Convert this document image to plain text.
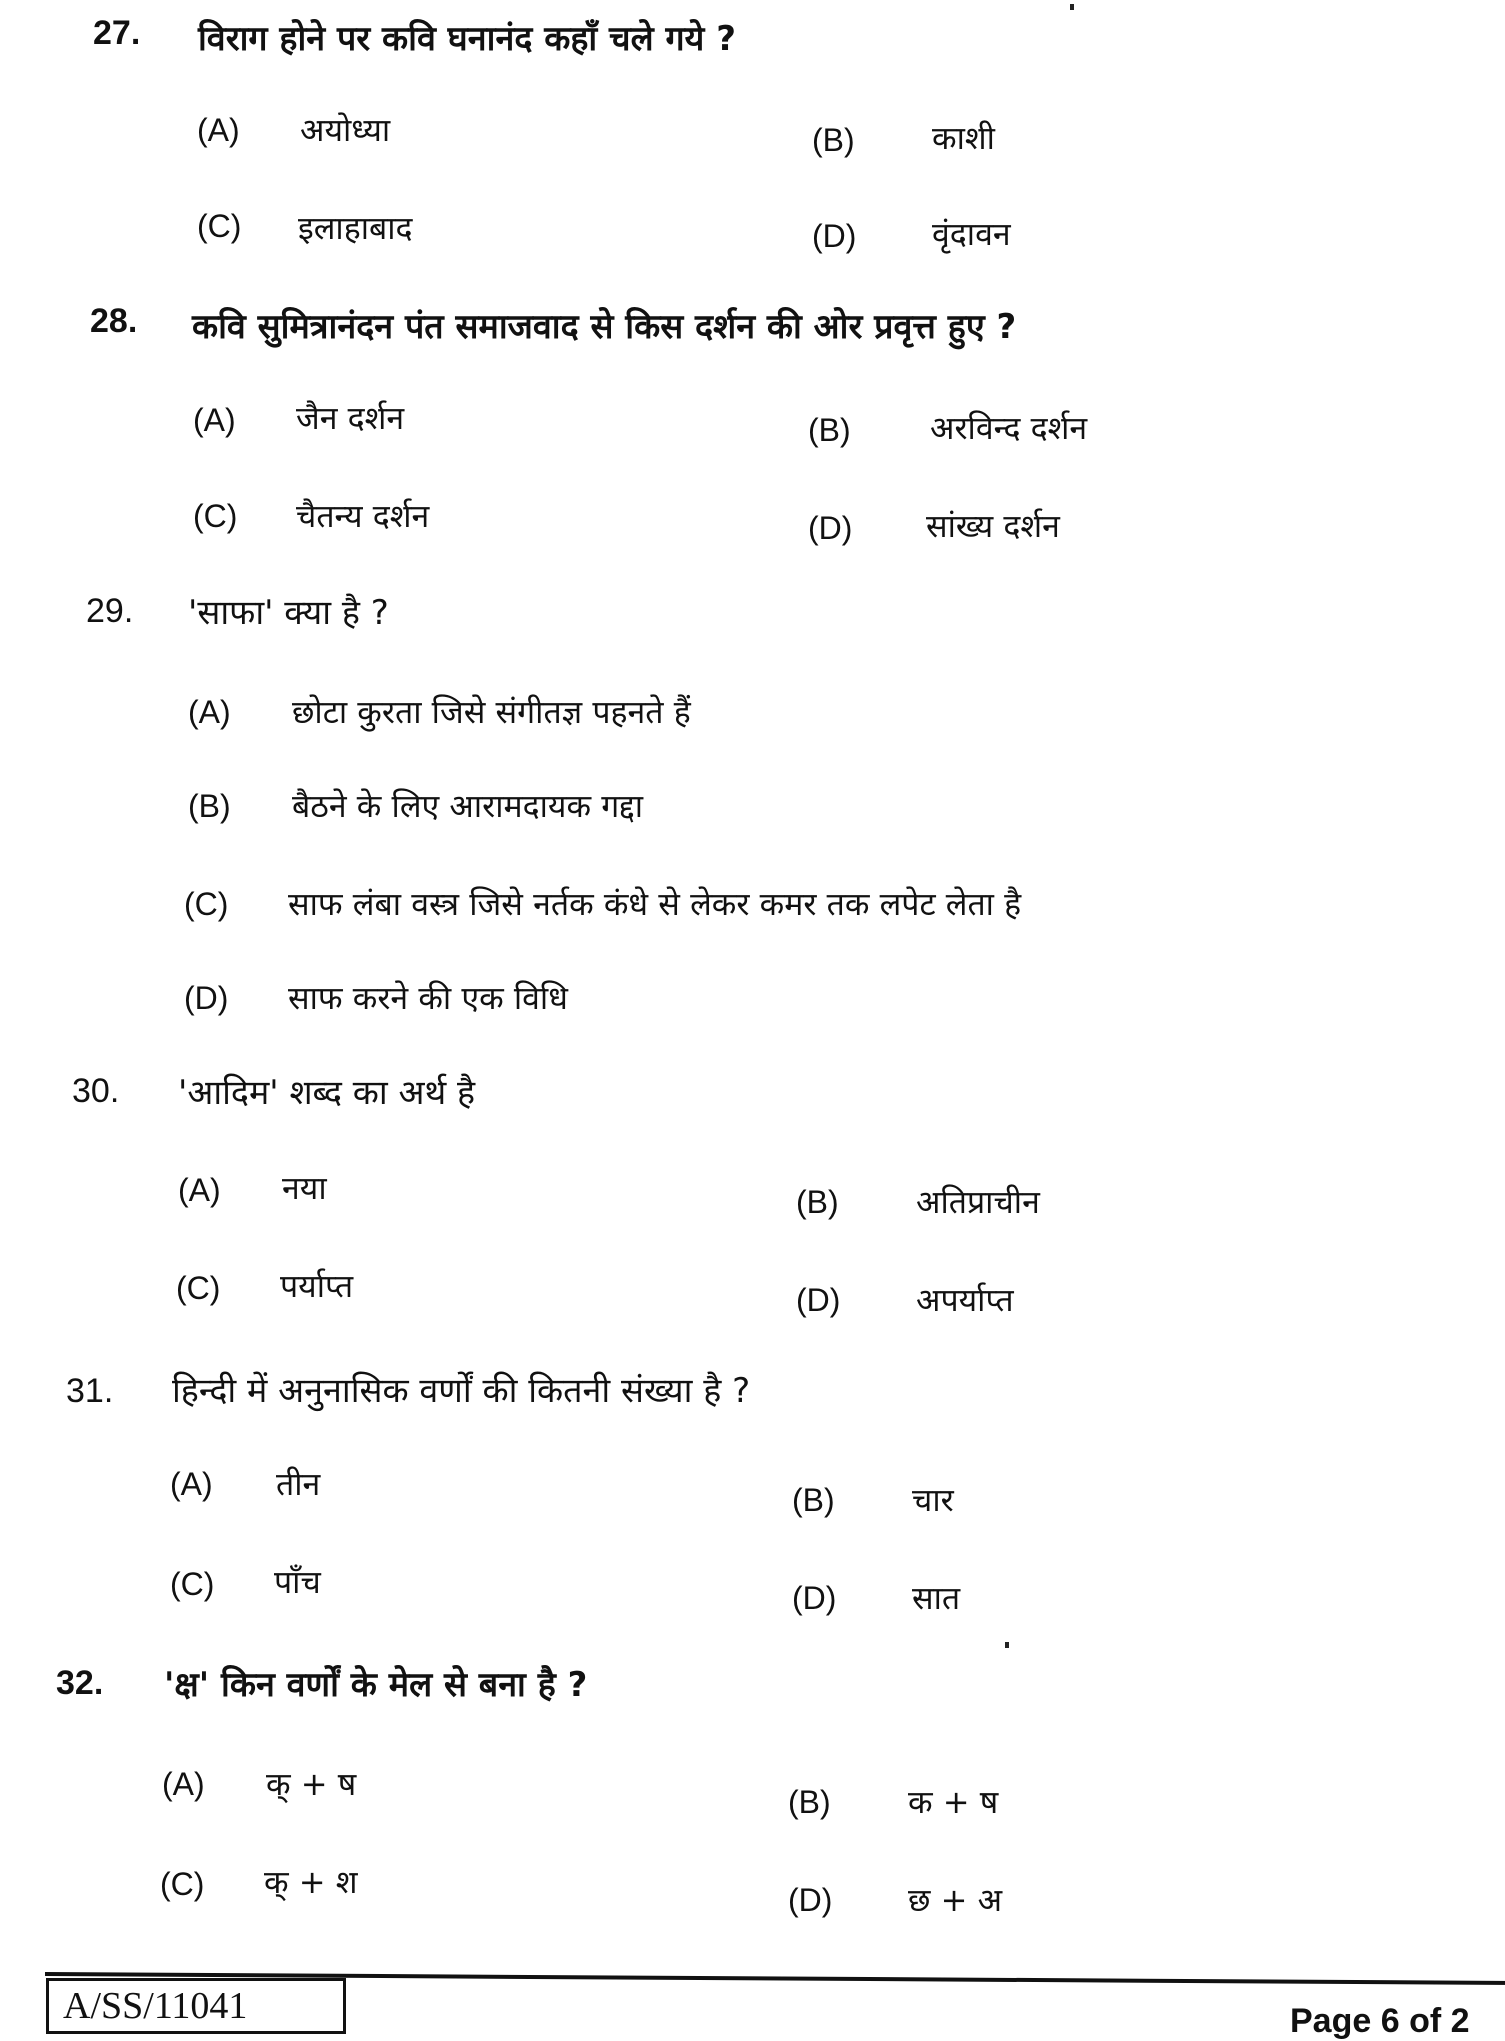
27. विराग होने पर कवि घनानंद कहाँ चले गये ?
(A) अयोध्या	(B) काशी
(C) इलाहाबाद	(D) वृंदावन
28. कवि सुमित्रानंदन पंत समाजवाद से किस दर्शन की ओर प्रवृत्त हुए ?
(A) जैन दर्शन	(B) अरविन्द दर्शन
(C) चैतन्य दर्शन	(D) सांख्य दर्शन
29. 'साफा' क्या है ?
(A) छोटा कुरता जिसे संगीतज्ञ पहनते हैं
(B) बैठने के लिए आरामदायक गद्दा
(C) साफ लंबा वस्त्र जिसे नर्तक कंधे से लेकर कमर तक लपेट लेता है
(D) साफ करने की एक विधि
30. 'आदिम' शब्द का अर्थ है
(A) नया	(B) अतिप्राचीन
(C) पर्याप्त	(D) अपर्याप्त
31. हिन्दी में अनुनासिक वर्णों की कितनी संख्या है ?
(A) तीन	(B) चार
(C) पाँच	(D) सात
32. 'क्ष' किन वर्णों के मेल से बना है ?
(A) क् + ष	(B) क + ष
(C) क् + श	(D) छ + अ
A/SS/11041	Page 6 of 2
